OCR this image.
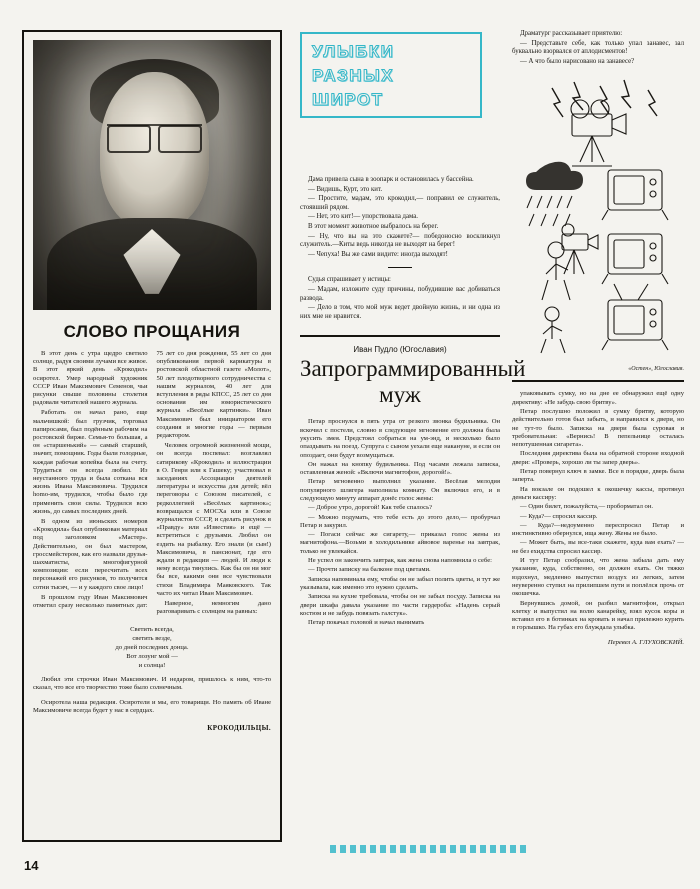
СЛОВО ПРОЩАНИЯ

В этот день с утра щедро светило солнце, радуя своими лучами все живое. В этот яркий день «Крокодил» осиротел. Умер народный художник СССР Иван Максимович Семенов, чьи рисунки свыше половины столетия радовали читателей нашего журнала.

Работать он начал рано, еще мальчишкой: был грузчик, торговал папиросами, был подённым рабочим на ростовской бирже. Семья-то большая, а он «старшенький» — самый старший, значит, помощник. Годы были голодные, каждая рабочая копейка была на счету. Трудиться он всегда любил. Из неустанного труда и была соткана вся жизнь Ивана Максимовича. Трудился homo-им, трудился, чтобы было где применить свои силы. Трудился всю жизнь, до самых последних дней.

В одном из июньских номеров «Крокодила» был опубликован материал под заголовком «Мастер». Действительно, он был мастером, гроссмейстером, как его назвали друзья-шахматисты, многофигурной композиции: если пересчитать всех персонажей его рисунков, то получится сотни тысяч, — и у каждого свое лицо!

В прошлом году Иван Максимович отметил сразу несколько памятных дат: 75 лет со дня рождения, 55 лет со дня опубликования первой карикатуры в ростовской областной газете «Молот», 50 лет плодотворного сотрудничества с нашим журналом, 40 лет для вступления в ряды КПСС, 25 лет со дня основания им юмористического журнала «Весёлые картинки». Иван Максимович был инициатором его создания и многие годы — первым редактором.

Человек огромной жизненной мощи, он всегда поспевал: возглавлял сатирикову «Крокодил» и иллюстрации в О. Генри или к Гашеку; участвовал в заседаниях Ассоциации деятелей литературы и искусства для детей; вёл переговоры с Союзом писателей, с редколлегией «Весёлых картинок»; возвращался с МОСХа или в Союзе журналистов СССР, и сделать рисунок в «Правду» или «Известия» и ещё — встретиться с друзьями. Любил он ездить на рыбалку. Его знали (и сын!) Максимовича, в пансионат, где его ждали в редакции — людей. И люди к нему всегда тянулись. Как бы он ни мог бы все, какими они все чувствовали стихи Владимира Маяковского. Так часто их читал Иван Максимович.

Наверное, немногим дано разговаривать с солнцем на равных:

Светить всегда,
светить везде,
до дней последних донца.
Вот лозунг мой —
и солнца!

Любил эти строчки Иван Максимович. И недаром, пришлось к ним, что-то сказал, что все его творчество тоже было солнечным.

Осиротела наша редакция. Осиротели и мы, его товарищи. Но память об Иване Максимовиче всегда будет у нас в сердцах.

КРОКОДИЛЬЦЫ.
14
УЛЫБКИ
РАЗНЫХ
ШИРОТ

Дама привела сына в зоопарк и остановилась у бассейна.

— Видишь, Курт, это кит.

— Простите, мадам, это крокодил,— поправил ее служитель, стоявший рядом.

— Нет, это кит!— упорствовала дама.

В этот момент животное выбралось на берег.

— Ну, что вы на это скажете?— победоносно воскликнул служитель.—Киты ведь никогда не выходят на берег!

— Чепуха! Вы же сами видите: иногда выходят!

Судья спрашивает у истицы:

— Мадам, изложите суду причины, побудившие вас добиваться развода.

— Дело в том, что мой муж ведет двойную жизнь, и ни одна из них мне не нравится.

Иван Пудло (Югославия)
Запрограммированный
муж

Петар проснулся в пять утра от резкого звонка будильника. Он вскочил с постели, словно в следующее мгновение его должна была укусить змея. Предстоял собраться на ум-энд, и несколько было опаздывать на поезд. Супруга с сыном уехали еще накануне, и если он опоздает, они будут возмущаться.

Он нажал на кнопку будильника. Под часами лежала записка, оставленная женой: «Включи магнитофон, дорогой!».

Петар мгновенно выполнил указание. Весёлая мелодия популярного шлягера наполнила комнату. Он включил его, и в следующую минуту аппарат донёс голос жены:

— Доброе утро, дорогой! Как тебе спалось?

— Можно подумать, что тебе есть до этого дело,— пробурчал Петар и закурил.

— Погаси сейчас же сигарету,— приказал голос жены из магнитофона.—Возьми в холодильнике айвовое варенье на завтрак, только не увлекайся.

Не успел он закончить завтрак, как жена снова напомнила о себе:

— Прочти записку на балконе под цветами.

Записка напоминала ему, чтобы он не забыл полить цветы, и тут же указывала, как именно это нужно сделать.

Записка на кухне требовала, чтобы он не забыл посуду. Записка на двери шкафа давала указание по части гардероба: «Надень серый костюм и не забудь повязать галстук».

Петар покачал головой и начал вынимать

Драматург рассказывает приятелю:

— Представьте себе, как только упал занавес, зал буквально взорвался от аплодисментов!

— А что было нарисовано на занавесе?

«Остен», Югославия.

упаковывать сумку, но на дне ее обнаружил ещё одну директиву: «Не забудь свою бритву».

Петар послушно положил в сумку бритву, которую действительно готов был забыть, и направился к двери, но не тут-то было. Записка на двери была суровая и требовательная: «Вернись! В пепельнице осталась непотушенная сигарета».

Последняя директива была на обратной стороне входной двери: «Проверь, хорошо ли ты запер дверь».

Петар повернул ключ в замке. Все в порядке, дверь была заперта.

На вокзале он подошел к окошечку кассы, протянул деньги кассиру:

— Один билет, пожалуйста,— проборматал он.

— Куда?— спросил кассир.

— Куда?—недоуменно переспросил Петар и инстинктивно обернулся, ища жену. Жены не было.

— Может быть, вы все-таки скажете, куда вам ехать? — не без ехидства спросил кассир.

И тут Петар сообразил, что жена забыла дать ему указание, куда, собственно, он должен ехать. Он тяжко вздохнул, медленно выпустил воздух из легких, затем неуверенно ступил на прилипшем пути и поплёлся прочь от окошечка.

Вернувшись домой, он разбил магнитофон, открыл клетку и выпустил на волю канарейку, взял кусок коры и вставил его в ботинках на кровать и начал прилежно курить в горлышко. На губах его блуждала улыбка.

Перевел А. ГЛУХОВСКИЙ.
